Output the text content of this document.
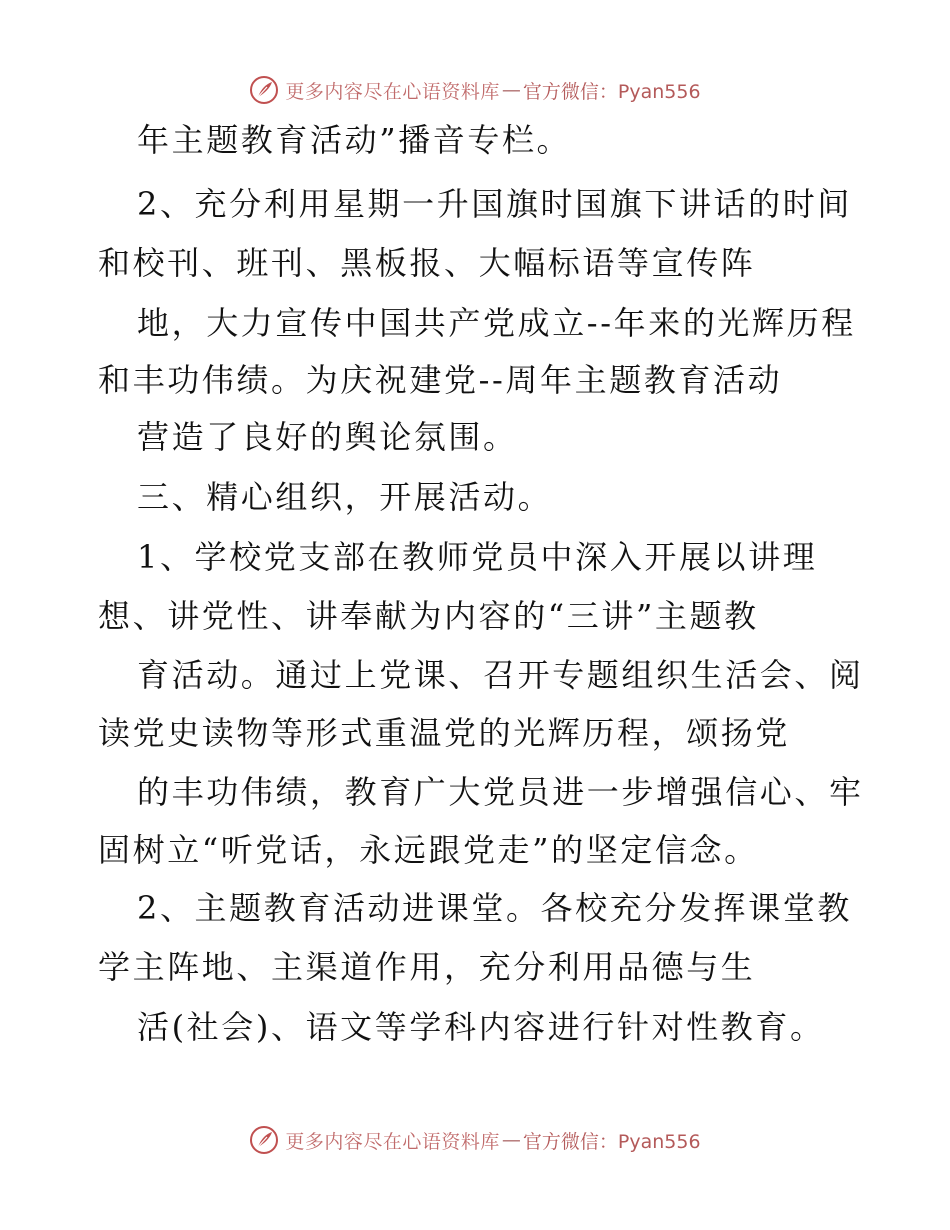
更多内容尽在心语资料库 — 官方微信：Pyan556
年主题教育活动”播音专栏。
2、充分利用星期一升国旗时国旗下讲话的时间
和校刊、班刊、黑板报、大幅标语等宣传阵
地，大力宣传中国共产党成立--年来的光辉历程
和丰功伟绩。为庆祝建党--周年主题教育活动
营造了良好的舆论氛围。
三、精心组织，开展活动。
1、学校党支部在教师党员中深入开展以讲理
想、讲党性、讲奉献为内容的“三讲”主题教
育活动。通过上党课、召开专题组织生活会、阅
读党史读物等形式重温党的光辉历程，颂扬党
的丰功伟绩，教育广大党员进一步增强信心、牢
固树立“听党话，永远跟党走”的坚定信念。
2、主题教育活动进课堂。各校充分发挥课堂教
学主阵地、主渠道作用，充分利用品德与生
活(社会)、语文等学科内容进行针对性教育。
更多内容尽在心语资料库 — 官方微信：Pyan556
